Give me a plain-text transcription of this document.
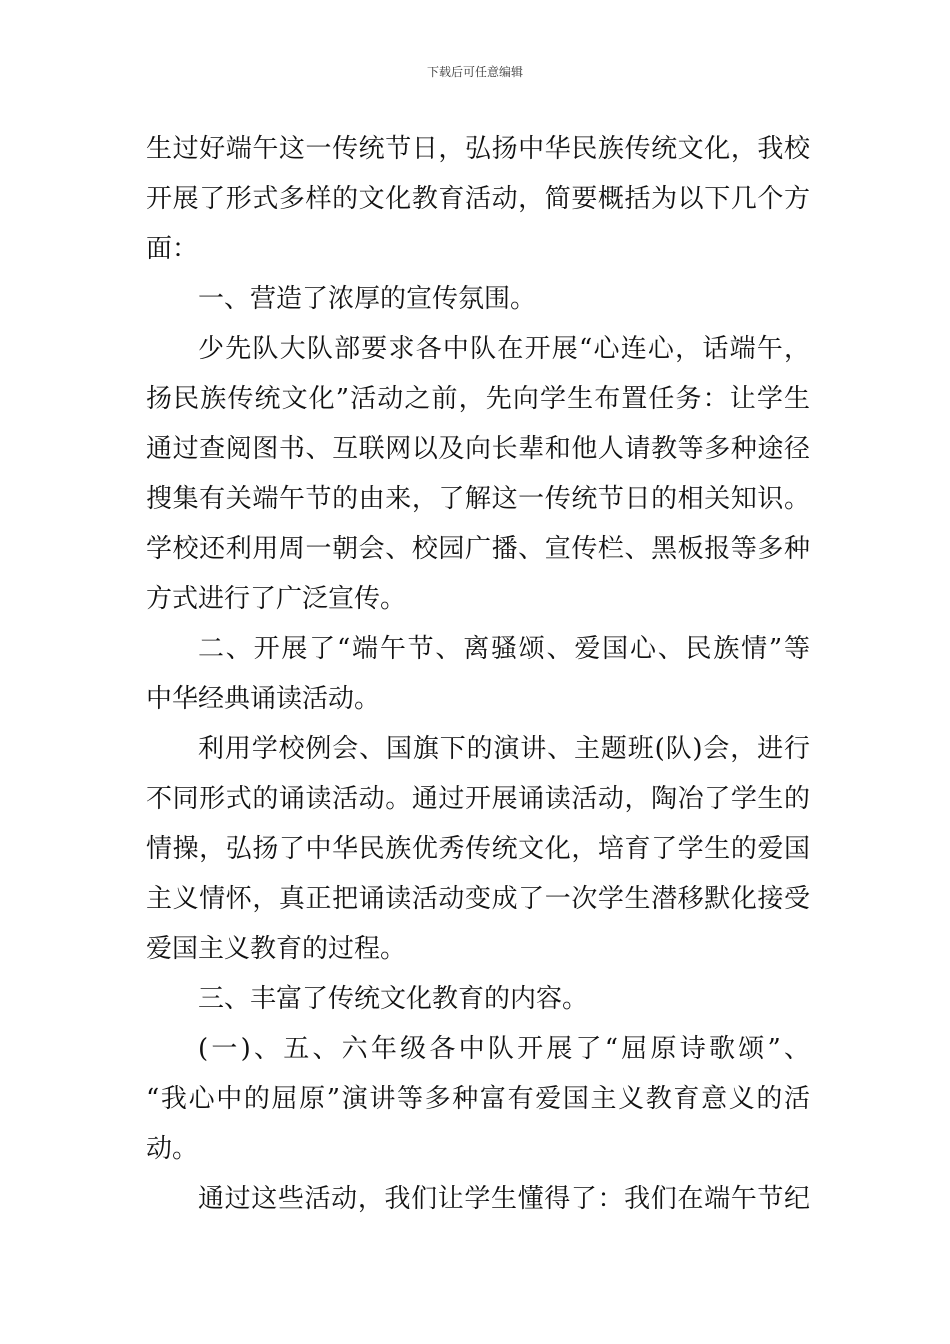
下载后可任意编辑
生过好端午这一传统节日，弘扬中华民族传统文化，我校
开展了形式多样的文化教育活动，简要概括为以下几个方
面：
一、营造了浓厚的宣传氛围。
少先队大队部要求各中队在开展“心连心，话端午，
扬民族传统文化”活动之前，先向学生布置任务：让学生
通过查阅图书、互联网以及向长辈和他人请教等多种途径
搜集有关端午节的由来，了解这一传统节日的相关知识。
学校还利用周一朝会、校园广播、宣传栏、黑板报等多种
方式进行了广泛宣传。
二、开展了“端午节、离骚颂、爱国心、民族情”等
中华经典诵读活动。
利用学校例会、国旗下的演讲、主题班(队)会，进行
不同形式的诵读活动。通过开展诵读活动，陶冶了学生的
情操，弘扬了中华民族优秀传统文化，培育了学生的爱国
主义情怀，真正把诵读活动变成了一次学生潜移默化接受
爱国主义教育的过程。
三、丰富了传统文化教育的内容。
(一)、五、六年级各中队开展了“屈原诗歌颂”、
“我心中的屈原”演讲等多种富有爱国主义教育意义的活
动。
通过这些活动，我们让学生懂得了：我们在端午节纪
